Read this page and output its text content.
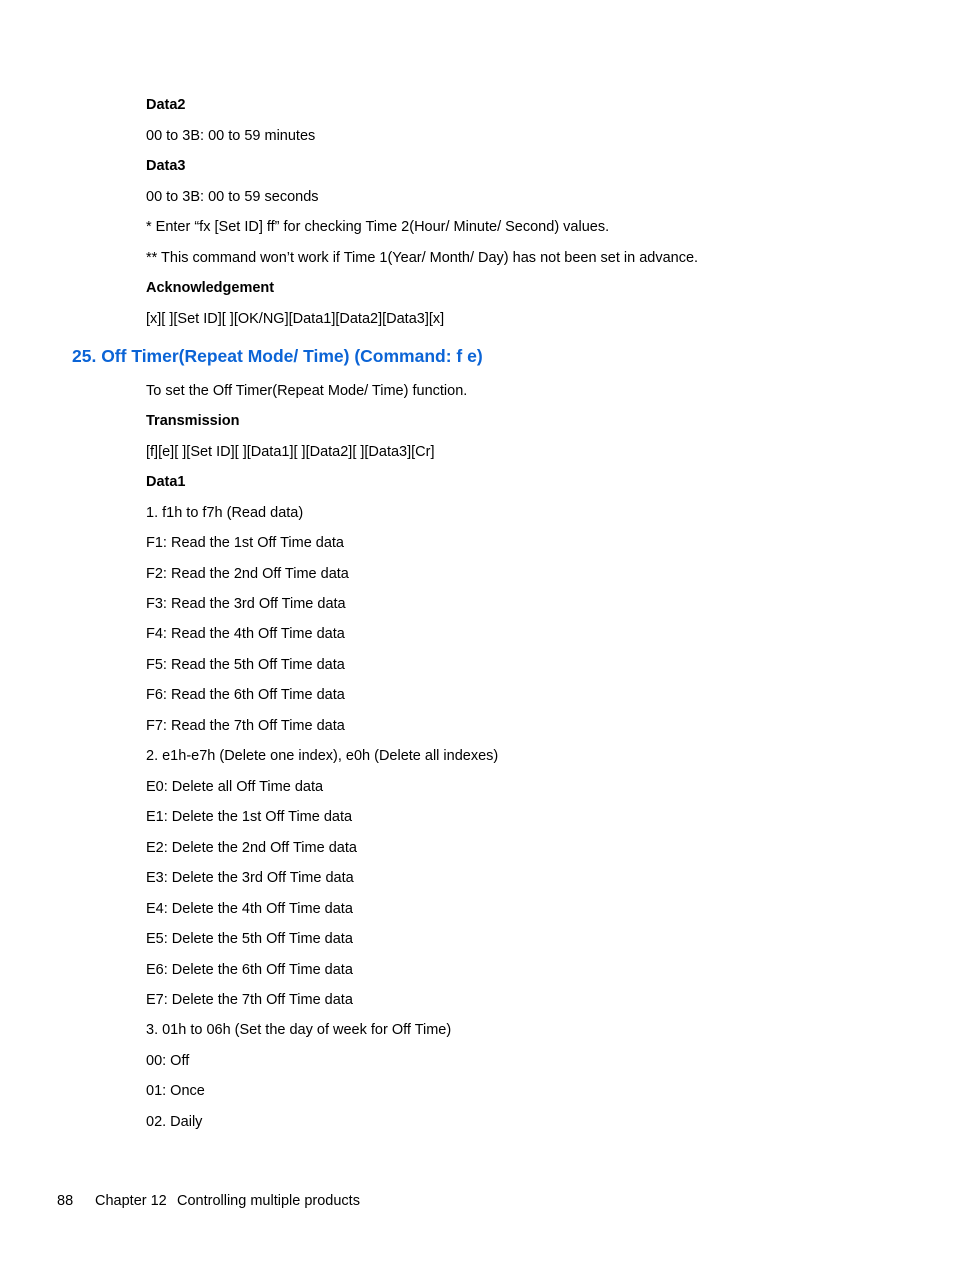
Data2
00 to 3B: 00 to 59 minutes
Data3
00 to 3B: 00 to 59 seconds
* Enter “fx [Set ID] ff” for checking Time 2(Hour/ Minute/ Second) values.
** This command won’t work if Time 1(Year/ Month/ Day) has not been set in advance.
Acknowledgement
[x][ ][Set ID][ ][OK/NG][Data1][Data2][Data3][x]
25. Off Timer(Repeat Mode/ Time) (Command: f e)
To set the Off Timer(Repeat Mode/ Time) function.
Transmission
[f][e][ ][Set ID][ ][Data1][ ][Data2][ ][Data3][Cr]
Data1
1. f1h to f7h (Read data)
F1: Read the 1st Off Time data
F2: Read the 2nd Off Time data
F3: Read the 3rd Off Time data
F4: Read the 4th Off Time data
F5: Read the 5th Off Time data
F6: Read the 6th Off Time data
F7: Read the 7th Off Time data
2. e1h-e7h (Delete one index), e0h (Delete all indexes)
E0: Delete all Off Time data
E1: Delete the 1st Off Time data
E2: Delete the 2nd Off Time data
E3: Delete the 3rd Off Time data
E4: Delete the 4th Off Time data
E5: Delete the 5th Off Time data
E6: Delete the 6th Off Time data
E7: Delete the 7th Off Time data
3. 01h to 06h (Set the day of week for Off Time)
00: Off
01: Once
02. Daily
88 Chapter 12 Controlling multiple products
